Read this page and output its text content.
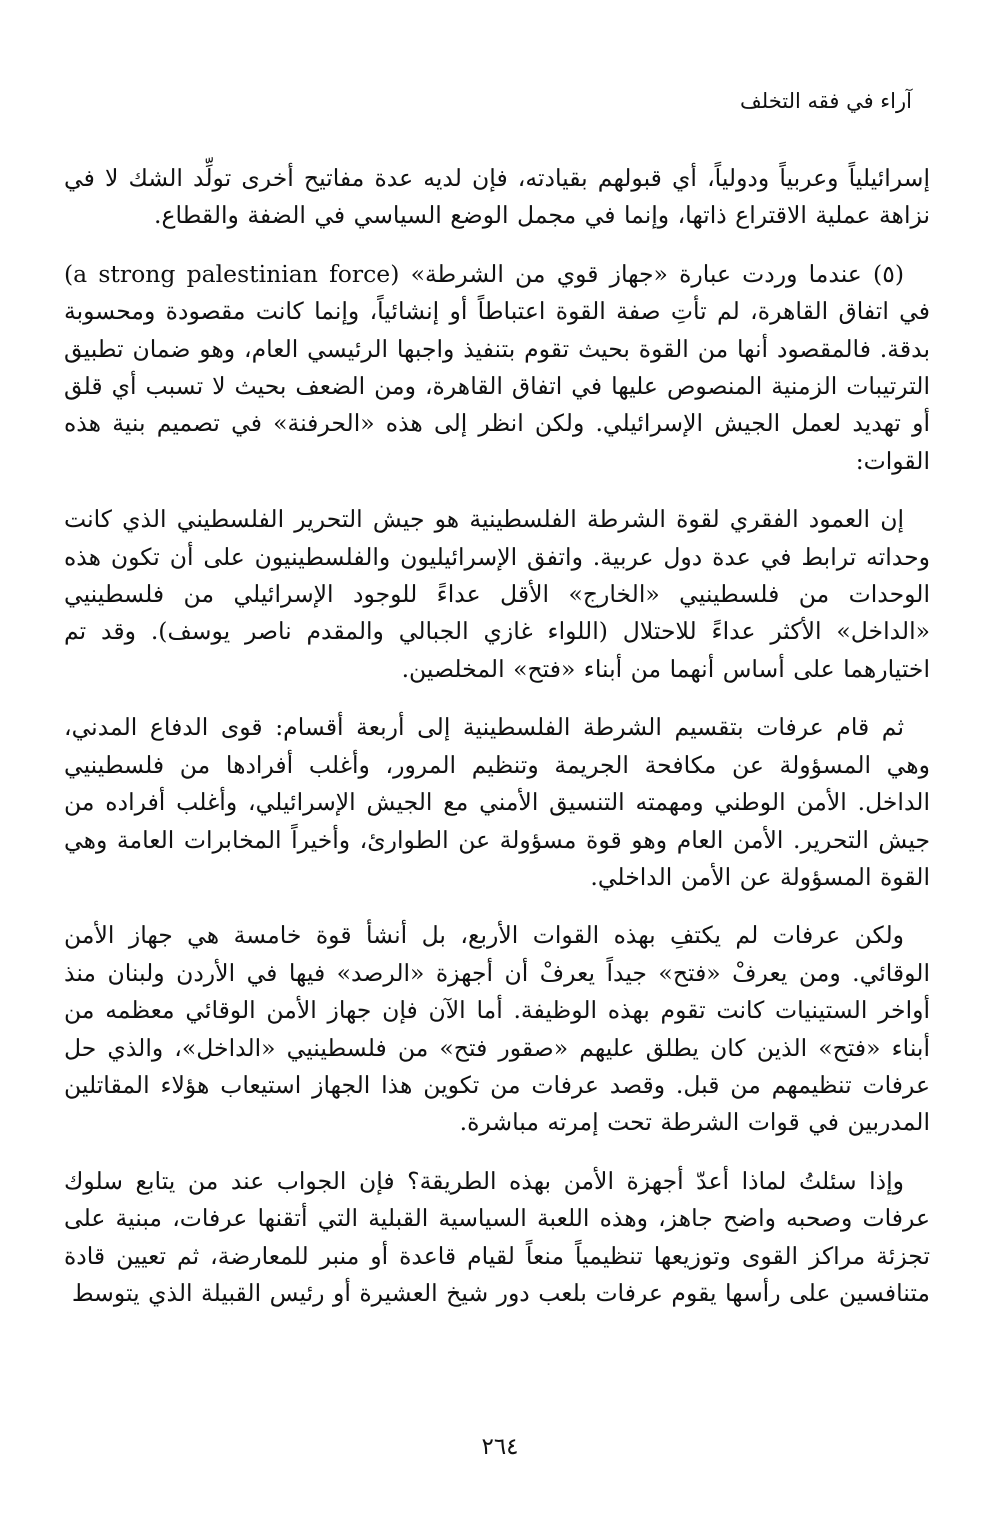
آراء في فقه التخلف

إسرائيلياً وعربياً ودولياً، أي قبولهم بقيادته، فإن لديه عدة مفاتيح أخرى تولِّد الشك لا في نزاهة عملية الاقتراع ذاتها، وإنما في مجمل الوضع السياسي في الضفة والقطاع.

(٥) عندما وردت عبارة «جهاز قوي من الشرطة» (a strong palestinian force) في اتفاق القاهرة، لم تأتِ صفة القوة اعتباطاً أو إنشائياً، وإنما كانت مقصودة ومحسوبة بدقة. فالمقصود أنها من القوة بحيث تقوم بتنفيذ واجبها الرئيسي العام، وهو ضمان تطبيق الترتيبات الزمنية المنصوص عليها في اتفاق القاهرة، ومن الضعف بحيث لا تسبب أي قلق أو تهديد لعمل الجيش الإسرائيلي. ولكن انظر إلى هذه «الحرفنة» في تصميم بنية هذه القوات:

إن العمود الفقري لقوة الشرطة الفلسطينية هو جيش التحرير الفلسطيني الذي كانت وحداته ترابط في عدة دول عربية. واتفق الإسرائيليون والفلسطينيون على أن تكون هذه الوحدات من فلسطينيي «الخارج» الأقل عداءً للوجود الإسرائيلي من فلسطينيي «الداخل» الأكثر عداءً للاحتلال (اللواء غازي الجبالي والمقدم ناصر يوسف). وقد تم اختيارهما على أساس أنهما من أبناء «فتح» المخلصين.

ثم قام عرفات بتقسيم الشرطة الفلسطينية إلى أربعة أقسام: قوى الدفاع المدني، وهي المسؤولة عن مكافحة الجريمة وتنظيم المرور، وأغلب أفرادها من فلسطينيي الداخل. الأمن الوطني ومهمته التنسيق الأمني مع الجيش الإسرائيلي، وأغلب أفراده من جيش التحرير. الأمن العام وهو قوة مسؤولة عن الطوارئ، وأخيراً المخابرات العامة وهي القوة المسؤولة عن الأمن الداخلي.

ولكن عرفات لم يكتفِ بهذه القوات الأربع، بل أنشأ قوة خامسة هي جهاز الأمن الوقائي. ومن يعرفْ «فتح» جيداً يعرفْ أن أجهزة «الرصد» فيها في الأردن ولبنان منذ أواخر الستينيات كانت تقوم بهذه الوظيفة. أما الآن فإن جهاز الأمن الوقائي معظمه من أبناء «فتح» الذين كان يطلق عليهم «صقور فتح» من فلسطينيي «الداخل»، والذي حل عرفات تنظيمهم من قبل. وقصد عرفات من تكوين هذا الجهاز استيعاب هؤلاء المقاتلين المدربين في قوات الشرطة تحت إمرته مباشرة.

وإذا سئلتُ لماذا أعدّ أجهزة الأمن بهذه الطريقة؟ فإن الجواب عند من يتابع سلوك عرفات وصحبه واضح جاهز، وهذه اللعبة السياسية القبلية التي أتقنها عرفات، مبنية على تجزئة مراكز القوى وتوزيعها تنظيمياً منعاً لقيام قاعدة أو منبر للمعارضة، ثم تعيين قادة متنافسين على رأسها يقوم عرفات بلعب دور شيخ العشيرة أو رئيس القبيلة الذي يتوسط

٢٦٤
